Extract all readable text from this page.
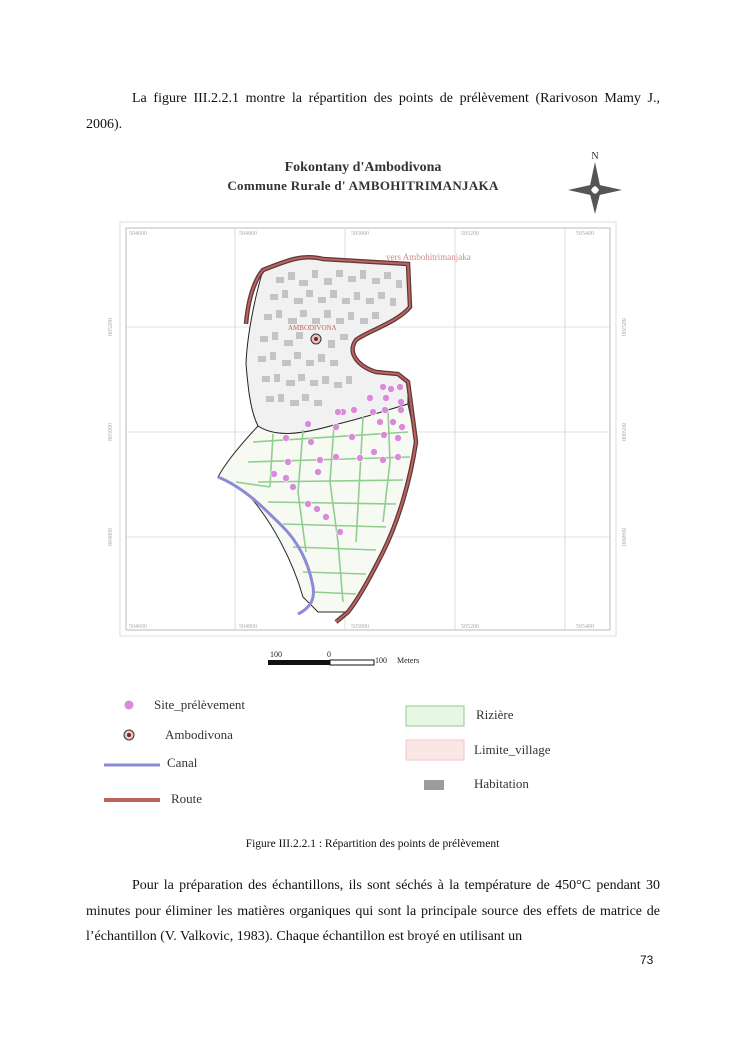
La figure III.2.2.1 montre la répartition des points de prélèvement (Rarivoson Mamy J., 2006).
Fokontany d'Ambodivona
Commune Rurale d' AMBOHITRIMANJAKA
N
504600	504800	505000	505200	505400
504600	504800	505000	505200	505400
805200
805000
804800
805200
805000
804800
vers Ambohitrimanjaka
AMBODIVONA
100	0
100 Meters
Site_prélèvement
Ambodivona
Canal
Route
Rizière
Limite_village
Habitation
Figure III.2.2.1 : Répartition des points de prélèvement
Pour la préparation des échantillons, ils sont séchés à la température de 450°C pendant 30 minutes pour éliminer les matières organiques qui sont la principale source des effets de matrice de l’échantillon (V. Valkovic, 1983). Chaque échantillon est broyé en utilisant un
73
